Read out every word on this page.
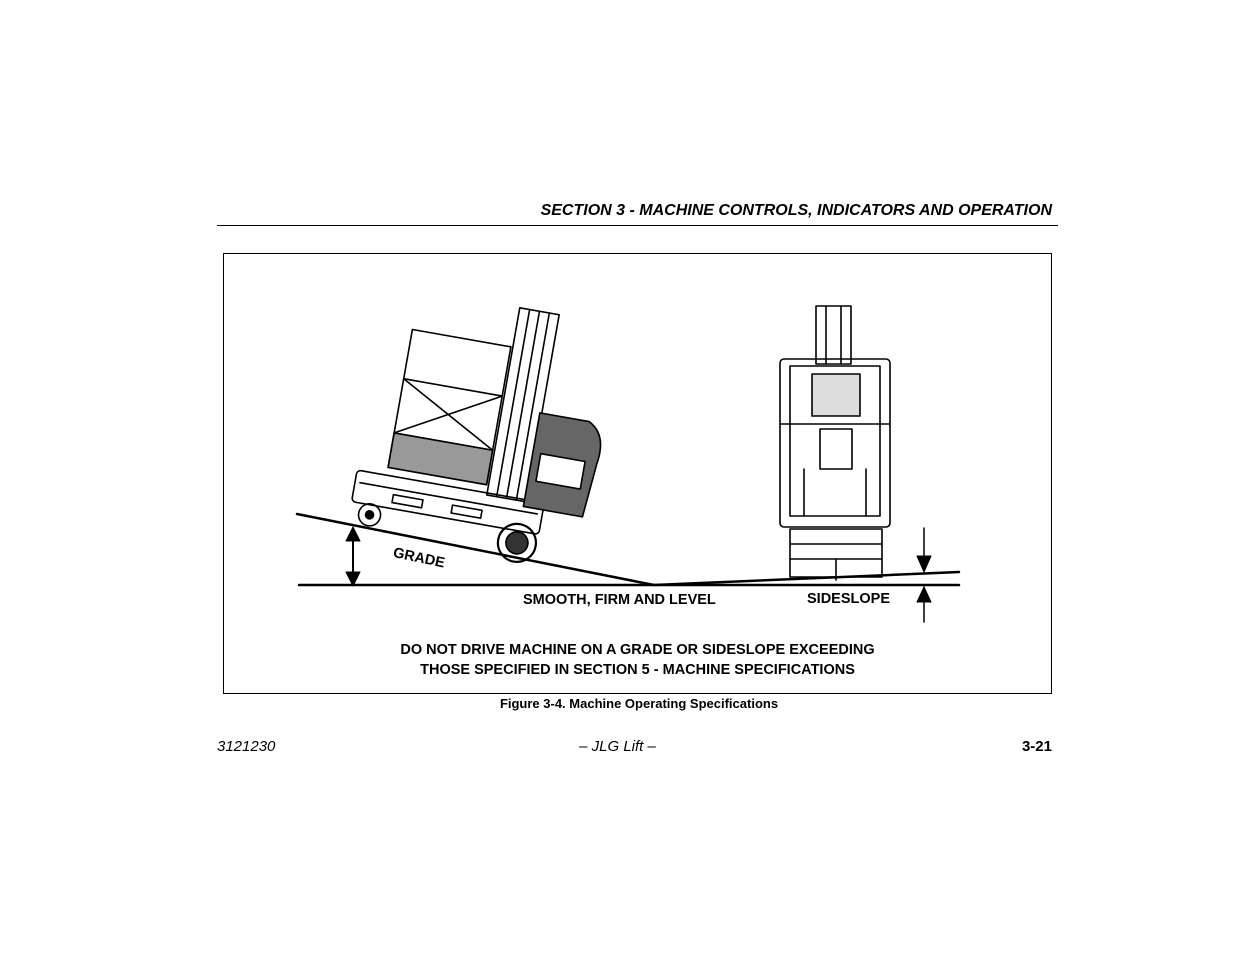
SECTION 3 - MACHINE CONTROLS, INDICATORS AND OPERATION
GRADE
SMOOTH, FIRM AND LEVEL	SIDESLOPE
DO NOT DRIVE MACHINE ON A GRADE OR SIDESLOPE EXCEEDING
THOSE SPECIFIED IN SECTION 5 - MACHINE SPECIFICATIONS
Figure 3-4. Machine Operating Specifications
3121230	– JLG Lift –	3-21
